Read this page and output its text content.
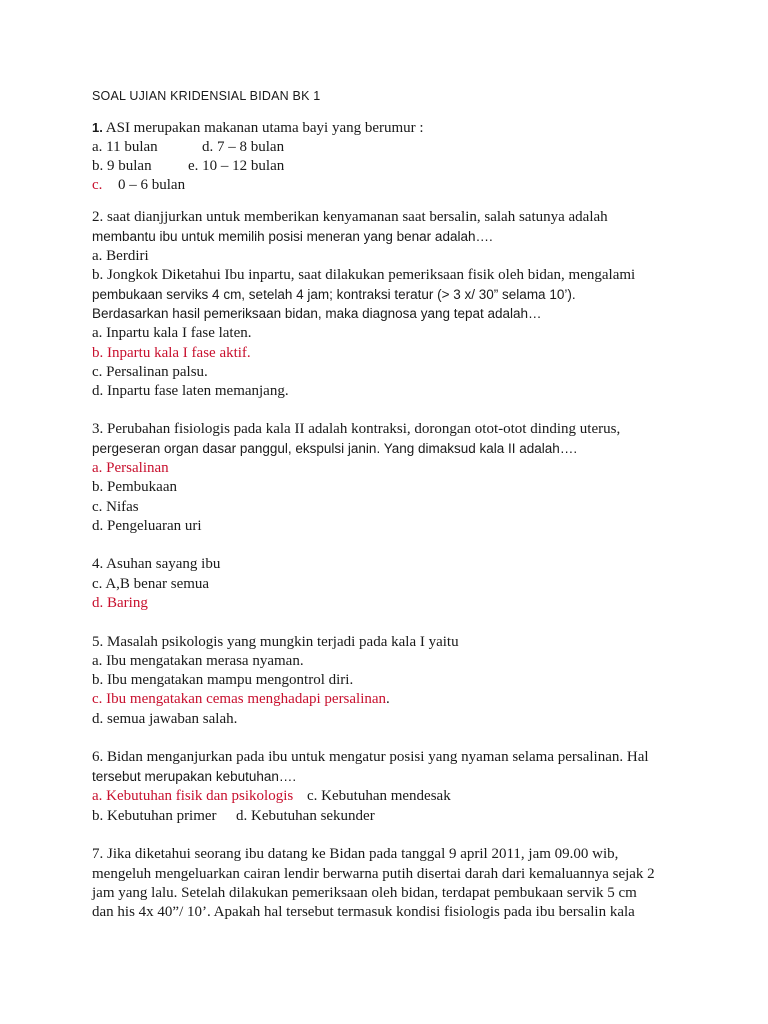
SOAL UJIAN KRIDENSIAL BIDAN BK 1
1. ASI merupakan makanan utama bayi yang berumur :
a. 11 bulan	d. 7 – 8 bulan
b. 9 bulan e. 10 – 12 bulan
c. 0 – 6 bulan
2. saat dianjjurkan untuk memberikan kenyamanan saat bersalin, salah satunya adalah
membantu ibu untuk memilih posisi meneran yang benar adalah….
a. Berdiri
b. Jongkok Diketahui Ibu inpartu, saat dilakukan pemeriksaan fisik oleh bidan, mengalami
pembukaan serviks 4 cm, setelah 4 jam; kontraksi teratur (> 3 x/ 30” selama 10’).
Berdasarkan hasil pemeriksaan bidan, maka diagnosa yang tepat adalah…
a. Inpartu kala I fase laten.
b. Inpartu kala I fase aktif.
c. Persalinan palsu.
d. Inpartu fase laten memanjang.
3. Perubahan fisiologis pada kala II adalah kontraksi, dorongan otot-otot dinding uterus,
pergeseran organ dasar panggul, ekspulsi janin. Yang dimaksud kala II adalah….
a. Persalinan
b. Pembukaan
c. Nifas
d. Pengeluaran uri
4. Asuhan sayang ibu
c. A,B benar semua
d. Baring
5. Masalah psikologis yang mungkin terjadi pada kala I yaitu
a. Ibu mengatakan merasa nyaman.
b. Ibu mengatakan mampu mengontrol diri.
c. Ibu mengatakan cemas menghadapi persalinan.
d. semua jawaban salah.
6. Bidan menganjurkan pada ibu untuk mengatur posisi yang nyaman selama persalinan. Hal
tersebut merupakan kebutuhan….
a. Kebutuhan fisik dan psikologis c. Kebutuhan mendesak
b. Kebutuhan primer d. Kebutuhan sekunder
7. Jika diketahui seorang ibu datang ke Bidan pada tanggal 9 april 2011, jam 09.00 wib,
mengeluh mengeluarkan cairan lendir berwarna putih disertai darah dari kemaluannya sejak 2
jam yang lalu. Setelah dilakukan pemeriksaan oleh bidan, terdapat pembukaan servik 5 cm
dan his 4x 40”/ 10’. Apakah hal tersebut termasuk kondisi fisiologis pada ibu bersalin kala
